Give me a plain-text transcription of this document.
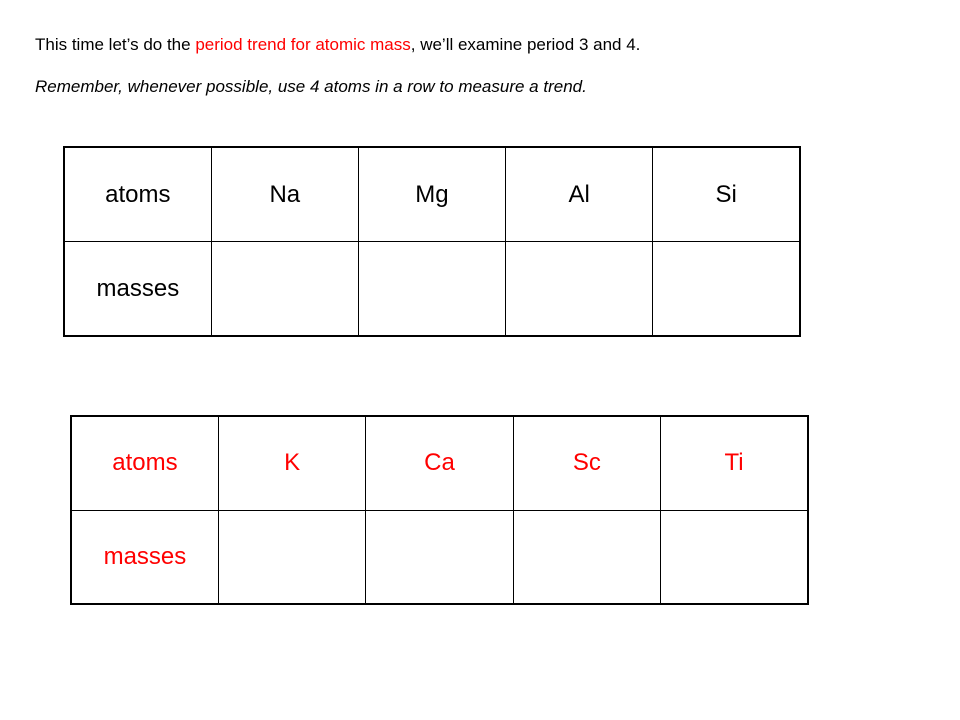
This time let’s do the period trend for atomic mass, we’ll examine period 3 and 4.
Remember, whenever possible, use 4 atoms in a row to measure a trend.
atoms	Na	Mg	Al	Si
masses				
atoms	K	Ca	Sc	Ti
masses				
